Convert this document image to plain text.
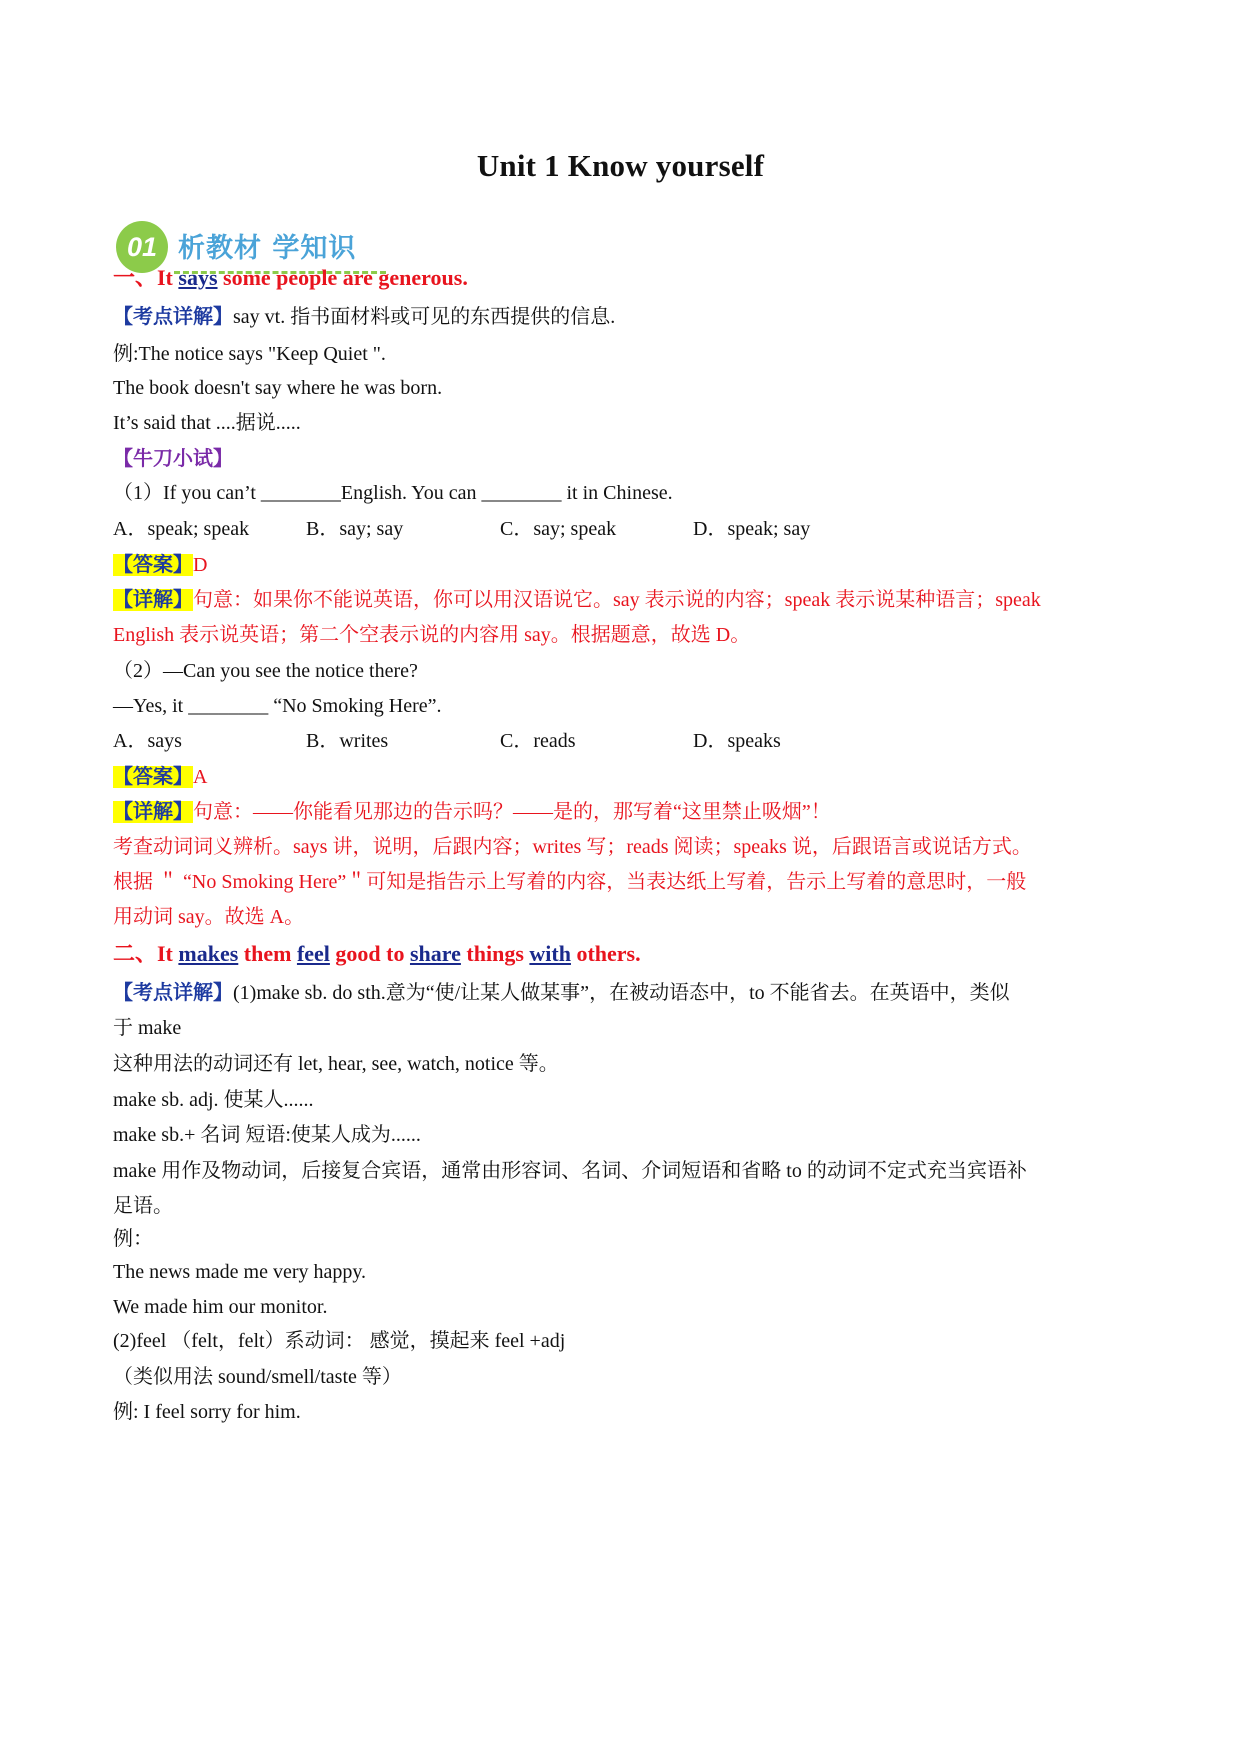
Unit 1 Know yourself
01 析教材 学知识
一、It says some people are generous.
【考点详解】say vt. 指书面材料或可见的东西提供的信息.
例:The notice says "Keep Quiet ".
The book doesn't say where he was born.
It’s said that ....据说.....
【牛刀小试】
（1）If you can’t ________English. You can ________ it in Chinese.
A．speak; speak	B．say; say	C．say; speak	D．speak; say
【答案】D
【详解】句意：如果你不能说英语，你可以用汉语说它。say 表示说的内容；speak 表示说某种语言；speak
English 表示说英语；第二个空表示说的内容用 say。根据题意，故选 D。
（2）—Can you see the notice there?
—Yes, it ________ “No Smoking Here”.
A．says	B．writes	C．reads	D．speaks
【答案】A
【详解】句意：——你能看见那边的告示吗？——是的，那写着“这里禁止吸烟”！
考查动词词义辨析。says 讲，说明，后跟内容；writes 写；reads 阅读；speaks 说，后跟语言或说话方式。
根据 ＂ “No Smoking Here”＂可知是指告示上写着的内容，当表达纸上写着，告示上写着的意思时，一般
用动词 say。故选 A。
二、It makes them feel good to share things with others.
【考点详解】(1)make sb. do sth.意为“使/让某人做某事”，在被动语态中，to 不能省去。在英语中，类似
于 make
这种用法的动词还有 let, hear, see, watch, notice 等。
make sb. adj. 使某人......
make sb.+ 名词 短语:使某人成为......
make 用作及物动词，后接复合宾语，通常由形容词、名词、介词短语和省略 to 的动词不定式充当宾语补
足语。
例：
The news made me very happy.
We made him our monitor.
(2)feel （felt，felt）系动词： 感觉，摸起来 feel +adj
（类似用法 sound/smell/taste 等）
例: I feel sorry for him.
